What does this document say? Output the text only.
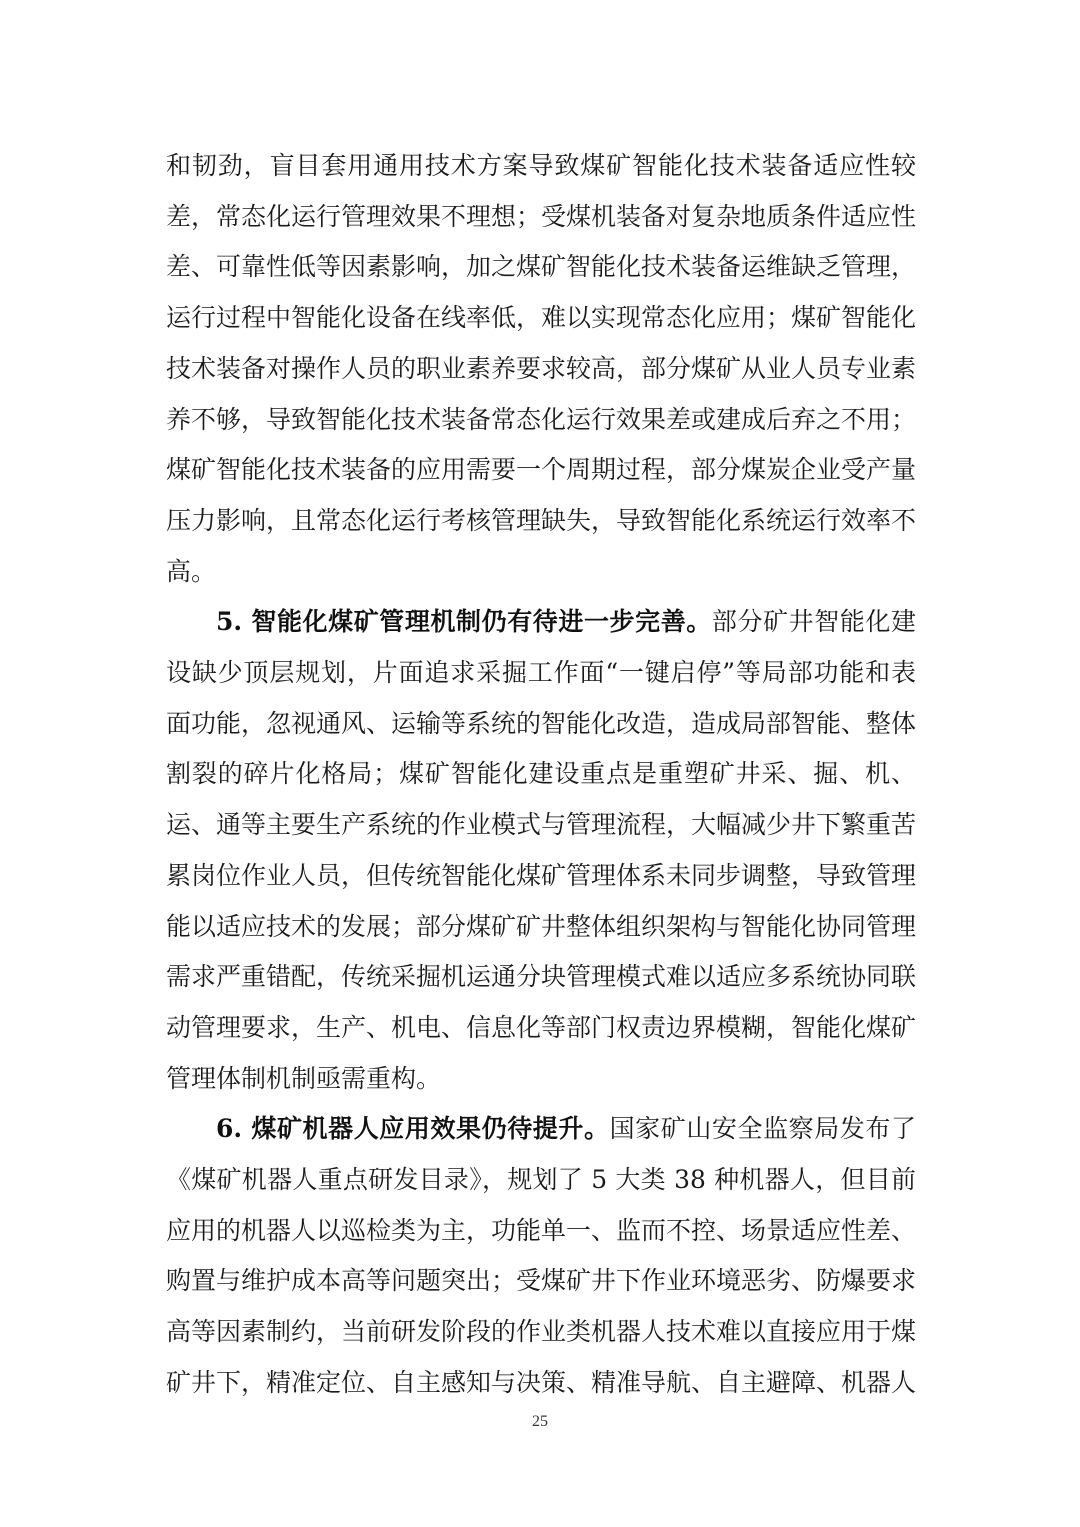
和韧劲，盲目套用通用技术方案导致煤矿智能化技术装备适应性较差，常态化运行管理效果不理想；受煤机装备对复杂地质条件适应性差、可靠性低等因素影响，加之煤矿智能化技术装备运维缺乏管理，运行过程中智能化设备在线率低，难以实现常态化应用；煤矿智能化技术装备对操作人员的职业素养要求较高，部分煤矿从业人员专业素养不够，导致智能化技术装备常态化运行效果差或建成后弃之不用；煤矿智能化技术装备的应用需要一个周期过程，部分煤炭企业受产量压力影响，且常态化运行考核管理缺失，导致智能化系统运行效率不高。

5. 智能化煤矿管理机制仍有待进一步完善。部分矿井智能化建设缺少顶层规划，片面追求采掘工作面“一键启停”等局部功能和表面功能，忽视通风、运输等系统的智能化改造，造成局部智能、整体割裂的碎片化格局；煤矿智能化建设重点是重塑矿井采、掘、机、运、通等主要生产系统的作业模式与管理流程，大幅减少井下繁重苦累岗位作业人员，但传统智能化煤矿管理体系未同步调整，导致管理能以适应技术的发展；部分煤矿矿井整体组织架构与智能化协同管理需求严重错配，传统采掘机运通分块管理模式难以适应多系统协同联动管理要求，生产、机电、信息化等部门权责边界模糊，智能化煤矿管理体制机制亟需重构。

6. 煤矿机器人应用效果仍待提升。国家矿山安全监察局发布了《煤矿机器人重点研发目录》，规划了 5 大类 38 种机器人，但目前应用的机器人以巡检类为主，功能单一、监而不控、场景适应性差、购置与维护成本高等问题突出；受煤矿井下作业环境恶劣、防爆要求高等因素制约，当前研发阶段的作业类机器人技术难以直接应用于煤矿井下，精准定位、自主感知与决策、精准导航、自主避障、机器人

25
